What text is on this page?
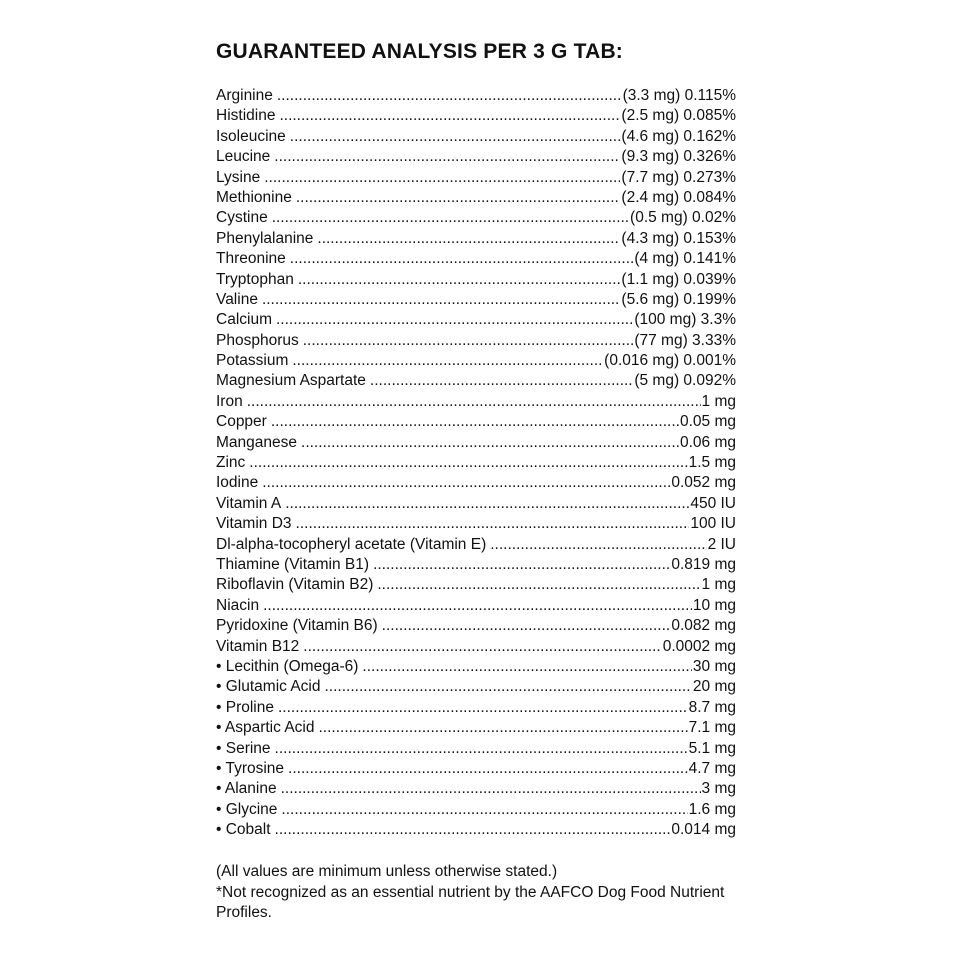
GUARANTEED ANALYSIS PER 3 G TAB:
Arginine .....	(3.3 mg) 0.115%
Histidine .....	(2.5 mg) 0.085%
Isoleucine .....	(4.6 mg) 0.162%
Leucine .....	(9.3 mg) 0.326%
Lysine .....	(7.7 mg) 0.273%
Methionine .....	(2.4 mg) 0.084%
Cystine .....	(0.5 mg) 0.02%
Phenylalanine .....	(4.3 mg) 0.153%
Threonine .....	(4 mg) 0.141%
Tryptophan .....	(1.1 mg) 0.039%
Valine .....	(5.6 mg) 0.199%
Calcium .....	(100 mg) 3.3%
Phosphorus .....	(77 mg) 3.33%
Potassium .....	(0.016 mg) 0.001%
Magnesium Aspartate .....	(5 mg) 0.092%
Iron .....	1 mg
Copper .....	0.05 mg
Manganese .....	0.06 mg
Zinc .....	1.5 mg
Iodine .....	0.052 mg
Vitamin A .....	450 IU
Vitamin D3 .....	100 IU
Dl-alpha-tocopheryl acetate (Vitamin E) .....	2 IU
Thiamine (Vitamin B1) .....	0.819 mg
Riboflavin (Vitamin B2) .....	1 mg
Niacin .....	10 mg
Pyridoxine (Vitamin B6) .....	0.082 mg
Vitamin B12 .....	0.0002 mg
• Lecithin (Omega-6) .....	30 mg
• Glutamic Acid .....	20 mg
• Proline .....	8.7 mg
• Aspartic Acid .....	7.1 mg
• Serine .....	5.1 mg
• Tyrosine .....	4.7 mg
• Alanine .....	3 mg
• Glycine .....	1.6 mg
• Cobalt .....	0.014 mg
(All values are minimum unless otherwise stated.)
*Not recognized as an essential nutrient by the AAFCO Dog Food Nutrient Profiles.
